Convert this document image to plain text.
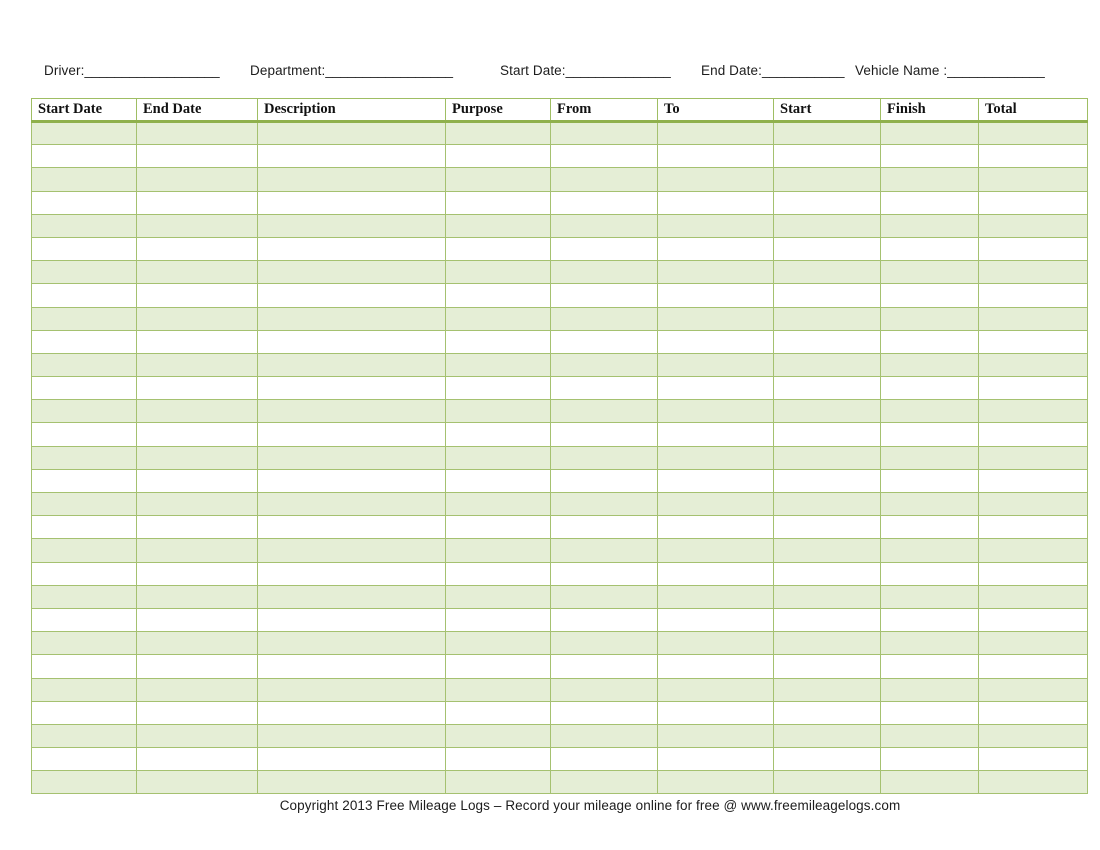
Driver:__________________ Department:_________________	Start Date:______________ End Date:___________ Vehicle Name :_____________
Start Date	End Date	Description	Purpose	From	To	Start	Finish	Total

Copyright 2013 Free Mileage Logs – Record your mileage online for free @ www.freemileagelogs.com
